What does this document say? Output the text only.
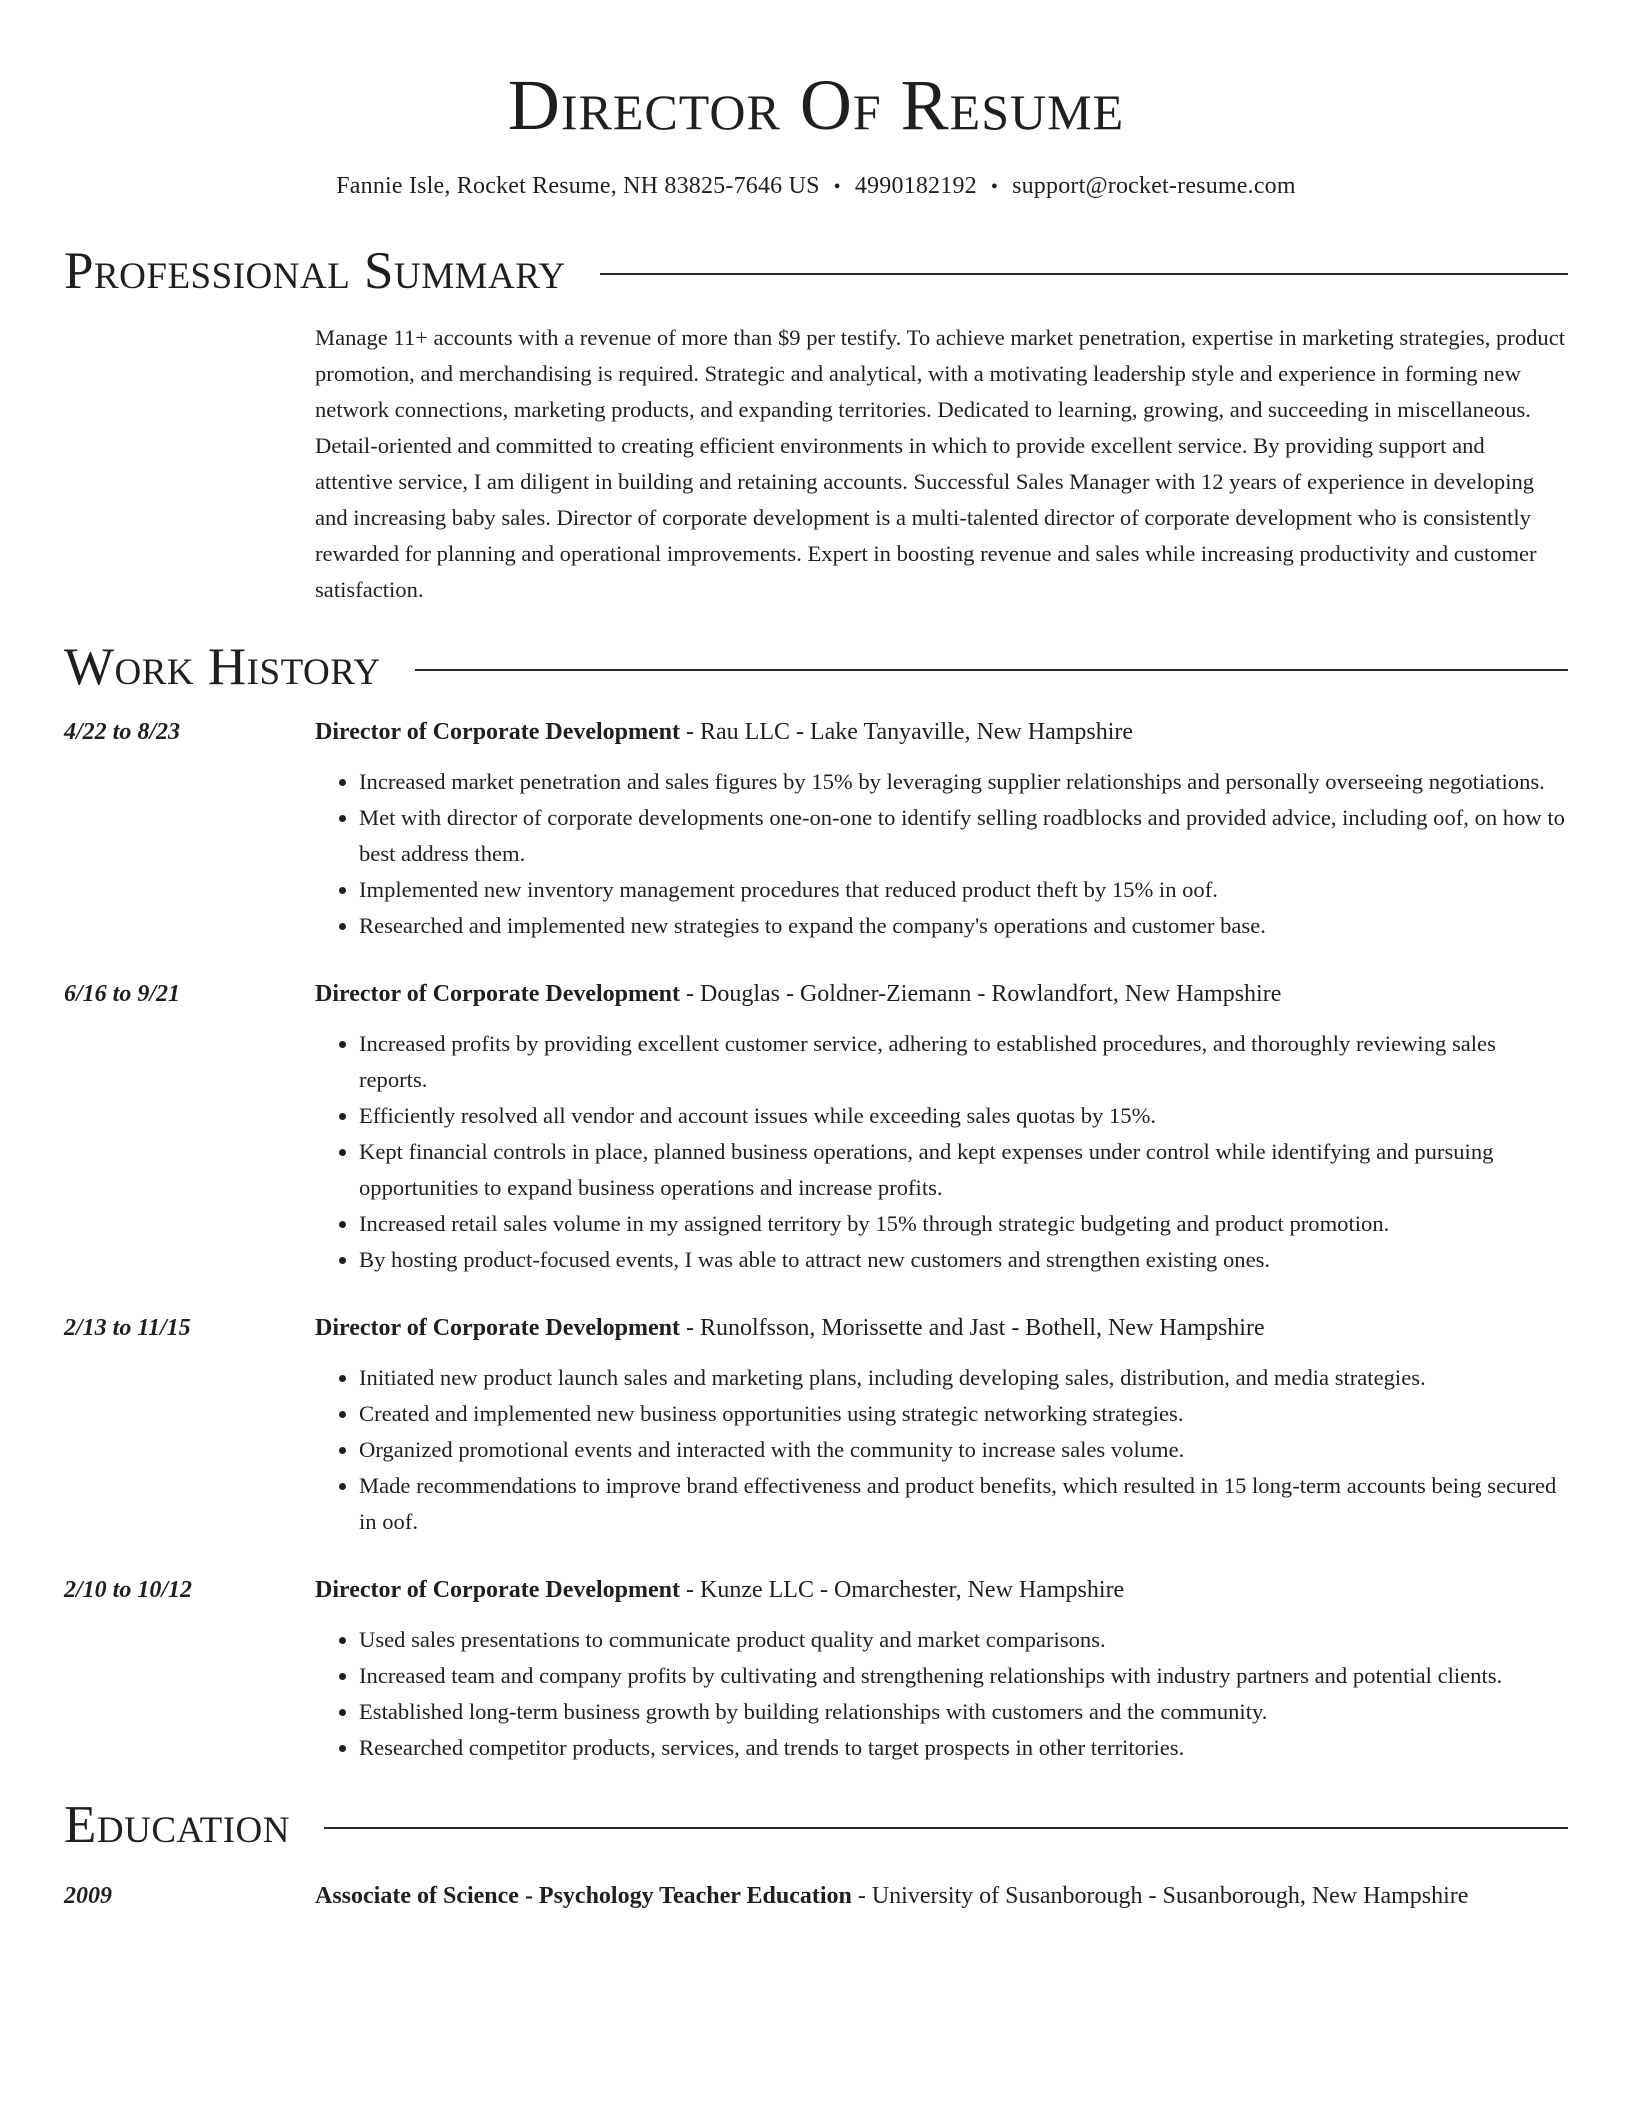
Director Of Resume
Fannie Isle, Rocket Resume, NH 83825-7646 US • 4990182192 • support@rocket-resume.com
Professional Summary
Manage 11+ accounts with a revenue of more than $9 per testify. To achieve market penetration, expertise in marketing strategies, product promotion, and merchandising is required. Strategic and analytical, with a motivating leadership style and experience in forming new network connections, marketing products, and expanding territories. Dedicated to learning, growing, and succeeding in miscellaneous. Detail-oriented and committed to creating efficient environments in which to provide excellent service. By providing support and attentive service, I am diligent in building and retaining accounts. Successful Sales Manager with 12 years of experience in developing and increasing baby sales. Director of corporate development is a multi-talented director of corporate development who is consistently rewarded for planning and operational improvements. Expert in boosting revenue and sales while increasing productivity and customer satisfaction.
Work History
4/22 to 8/23	Director of Corporate Development - Rau LLC - Lake Tanyaville, New Hampshire
• Increased market penetration and sales figures by 15% by leveraging supplier relationships and personally overseeing negotiations.
• Met with director of corporate developments one-on-one to identify selling roadblocks and provided advice, including oof, on how to best address them.
• Implemented new inventory management procedures that reduced product theft by 15% in oof.
• Researched and implemented new strategies to expand the company's operations and customer base.
6/16 to 9/21	Director of Corporate Development - Douglas - Goldner-Ziemann - Rowlandfort, New Hampshire
• Increased profits by providing excellent customer service, adhering to established procedures, and thoroughly reviewing sales reports.
• Efficiently resolved all vendor and account issues while exceeding sales quotas by 15%.
• Kept financial controls in place, planned business operations, and kept expenses under control while identifying and pursuing opportunities to expand business operations and increase profits.
• Increased retail sales volume in my assigned territory by 15% through strategic budgeting and product promotion.
• By hosting product-focused events, I was able to attract new customers and strengthen existing ones.
2/13 to 11/15	Director of Corporate Development - Runolfsson, Morissette and Jast - Bothell, New Hampshire
• Initiated new product launch sales and marketing plans, including developing sales, distribution, and media strategies.
• Created and implemented new business opportunities using strategic networking strategies.
• Organized promotional events and interacted with the community to increase sales volume.
• Made recommendations to improve brand effectiveness and product benefits, which resulted in 15 long-term accounts being secured in oof.
2/10 to 10/12	Director of Corporate Development - Kunze LLC - Omarchester, New Hampshire
• Used sales presentations to communicate product quality and market comparisons.
• Increased team and company profits by cultivating and strengthening relationships with industry partners and potential clients.
• Established long-term business growth by building relationships with customers and the community.
• Researched competitor products, services, and trends to target prospects in other territories.
Education
2009	Associate of Science - Psychology Teacher Education - University of Susanborough - Susanborough, New Hampshire
